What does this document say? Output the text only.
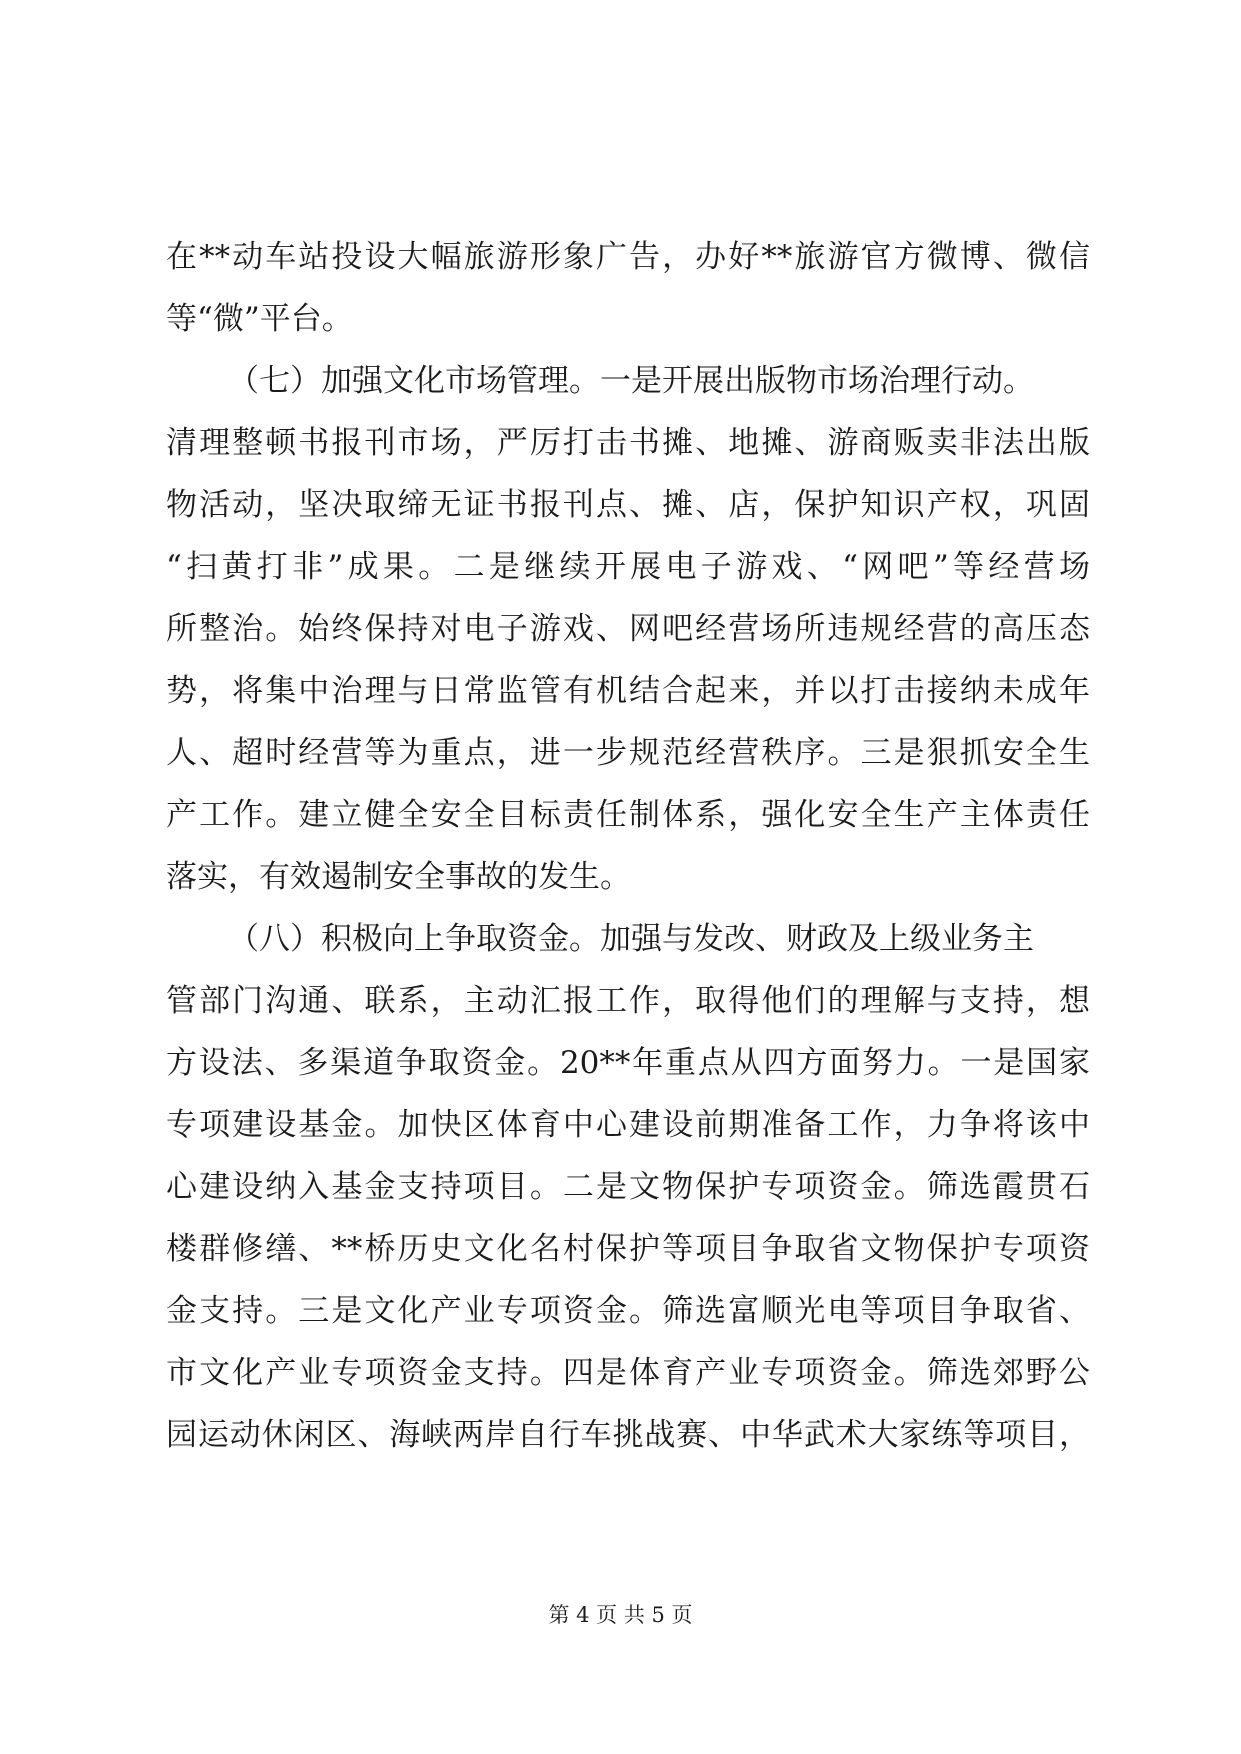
在**动车站投设大幅旅游形象广告，办好**旅游官方微博、微信
等“微”平台。
（七）加强文化市场管理。一是开展出版物市场治理行动。
清理整顿书报刊市场，严厉打击书摊、地摊、游商贩卖非法出版
物活动，坚决取缔无证书报刊点、摊、店，保护知识产权，巩固
“扫黄打非”成果。二是继续开展电子游戏、“网吧”等经营场
所整治。始终保持对电子游戏、网吧经营场所违规经营的高压态
势，将集中治理与日常监管有机结合起来，并以打击接纳未成年
人、超时经营等为重点，进一步规范经营秩序。三是狠抓安全生
产工作。建立健全安全目标责任制体系，强化安全生产主体责任
落实，有效遏制安全事故的发生。
（八）积极向上争取资金。加强与发改、财政及上级业务主
管部门沟通、联系，主动汇报工作，取得他们的理解与支持，想
方设法、多渠道争取资金。20**年重点从四方面努力。一是国家
专项建设基金。加快区体育中心建设前期准备工作，力争将该中
心建设纳入基金支持项目。二是文物保护专项资金。筛选霞贯石
楼群修缮、**桥历史文化名村保护等项目争取省文物保护专项资
金支持。三是文化产业专项资金。筛选富顺光电等项目争取省、
市文化产业专项资金支持。四是体育产业专项资金。筛选郊野公
园运动休闲区、海峡两岸自行车挑战赛、中华武术大家练等项目，
第 4 页 共 5 页
